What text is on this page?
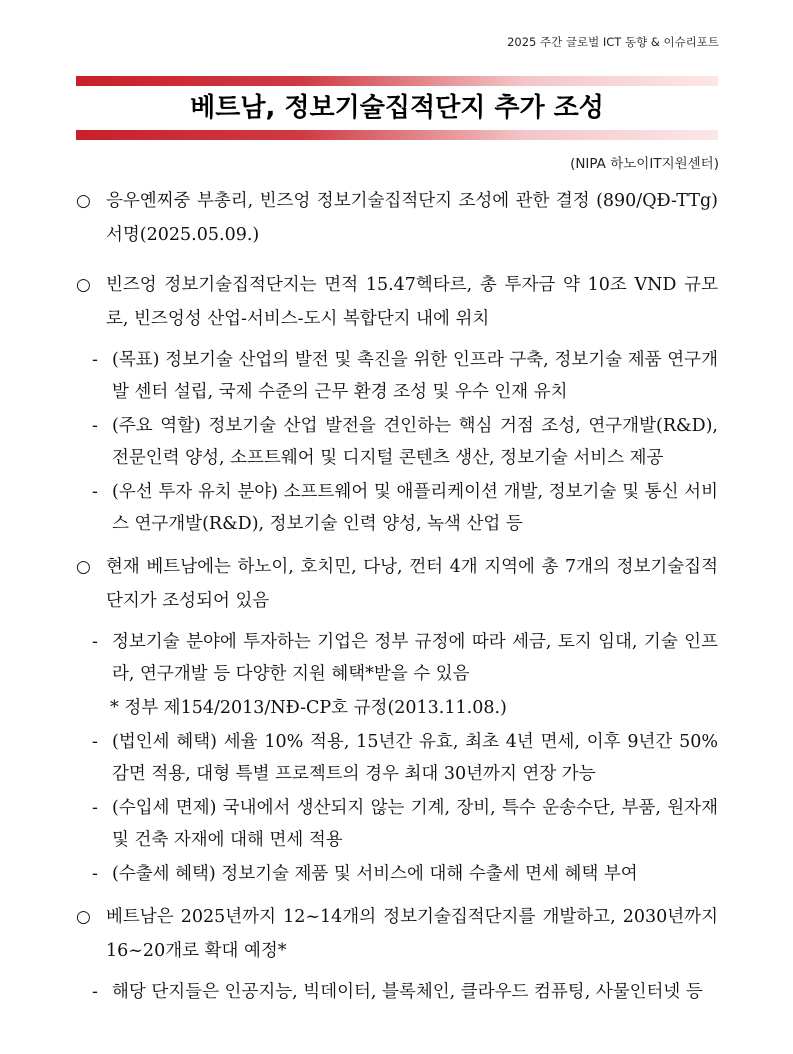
2025 주간 글로벌 ICT 동향 & 이슈리포트
베트남, 정보기술집적단지 추가 조성
(NIPA 하노이IT지원센터)
○ 응우옌찌중 부총리, 빈즈엉 정보기술집적단지 조성에 관한 결정 (890/QĐ-TTg) 서명(2025.05.09.)
○ 빈즈엉 정보기술집적단지는 면적 15.47헥타르, 총 투자금 약 10조 VND 규모로, 빈즈엉성 산업-서비스-도시 복합단지 내에 위치
- (목표) 정보기술 산업의 발전 및 촉진을 위한 인프라 구축, 정보기술 제품 연구개발 센터 설립, 국제 수준의 근무 환경 조성 및 우수 인재 유치
- (주요 역할) 정보기술 산업 발전을 견인하는 핵심 거점 조성, 연구개발(R&D), 전문인력 양성, 소프트웨어 및 디지털 콘텐츠 생산, 정보기술 서비스 제공
- (우선 투자 유치 분야) 소프트웨어 및 애플리케이션 개발, 정보기술 및 통신 서비스 연구개발(R&D), 정보기술 인력 양성, 녹색 산업 등
○ 현재 베트남에는 하노이, 호치민, 다낭, 껀터 4개 지역에 총 7개의 정보기술집적단지가 조성되어 있음
- 정보기술 분야에 투자하는 기업은 정부 규정에 따라 세금, 토지 임대, 기술 인프라, 연구개발 등 다양한 지원 혜택*받을 수 있음
* 정부 제154/2013/NĐ-CP호 규정(2013.11.08.)
- (법인세 혜택) 세율 10% 적용, 15년간 유효, 최초 4년 면세, 이후 9년간 50% 감면 적용, 대형 특별 프로젝트의 경우 최대 30년까지 연장 가능
- (수입세 면제) 국내에서 생산되지 않는 기계, 장비, 특수 운송수단, 부품, 원자재 및 건축 자재에 대해 면세 적용
- (수출세 혜택) 정보기술 제품 및 서비스에 대해 수출세 면세 혜택 부여
○ 베트남은 2025년까지 12~14개의 정보기술집적단지를 개발하고, 2030년까지 16~20개로 확대 예정*
- 해당 단지들은 인공지능, 빅데이터, 블록체인, 클라우드 컴퓨팅, 사물인터넷 등
